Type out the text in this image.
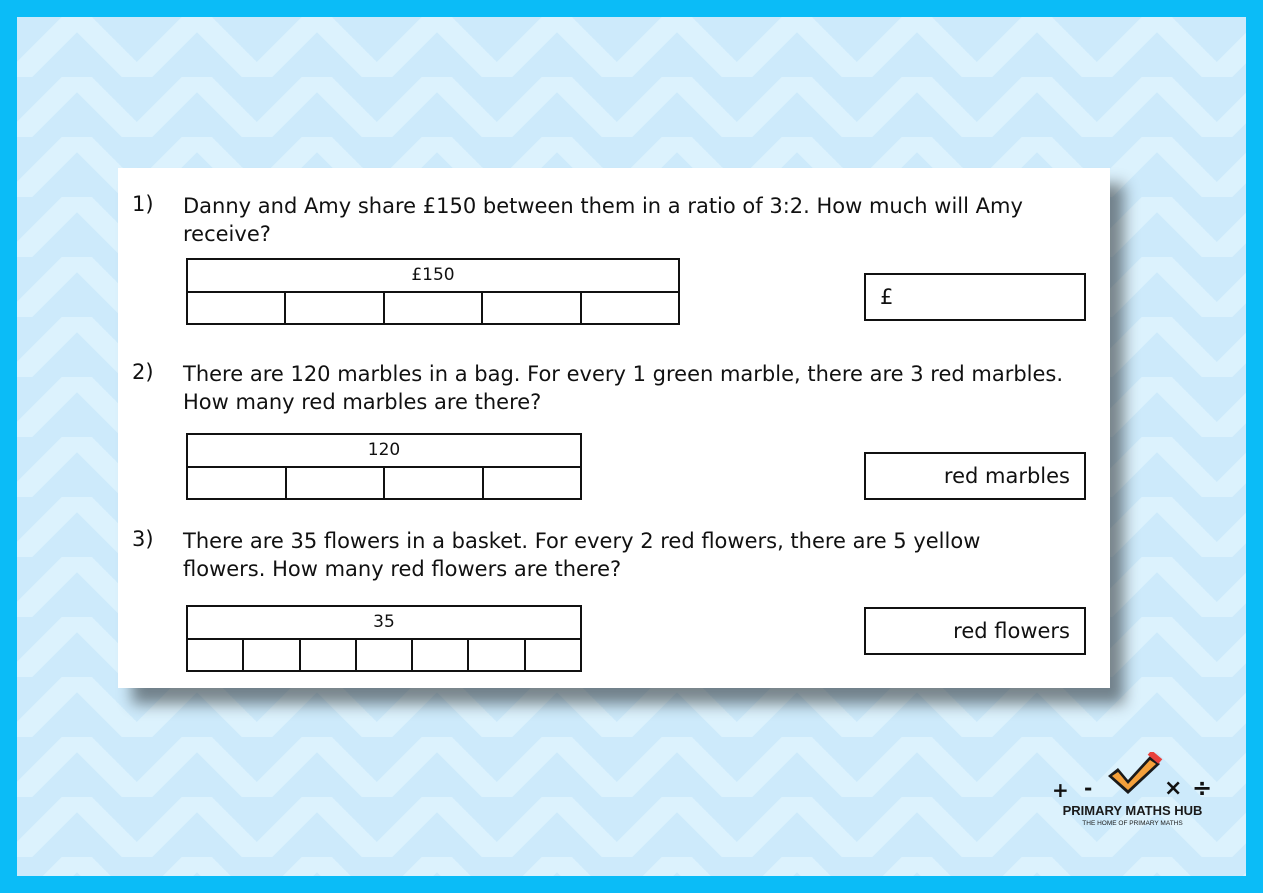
1) Danny and Amy share £150 between them in a ratio of 3:2. How much will Amy receive?
£150
£
2) There are 120 marbles in a bag. For every 1 green marble, there are 3 red marbles. How many red marbles are there?
120
red marbles
3) There are 35 flowers in a basket. For every 2 red flowers, there are 5 yellow flowers. How many red flowers are there?
35	red flowers
+ -	× ÷
PRIMARY MATHS HUB
THE HOME OF PRIMARY MATHS
